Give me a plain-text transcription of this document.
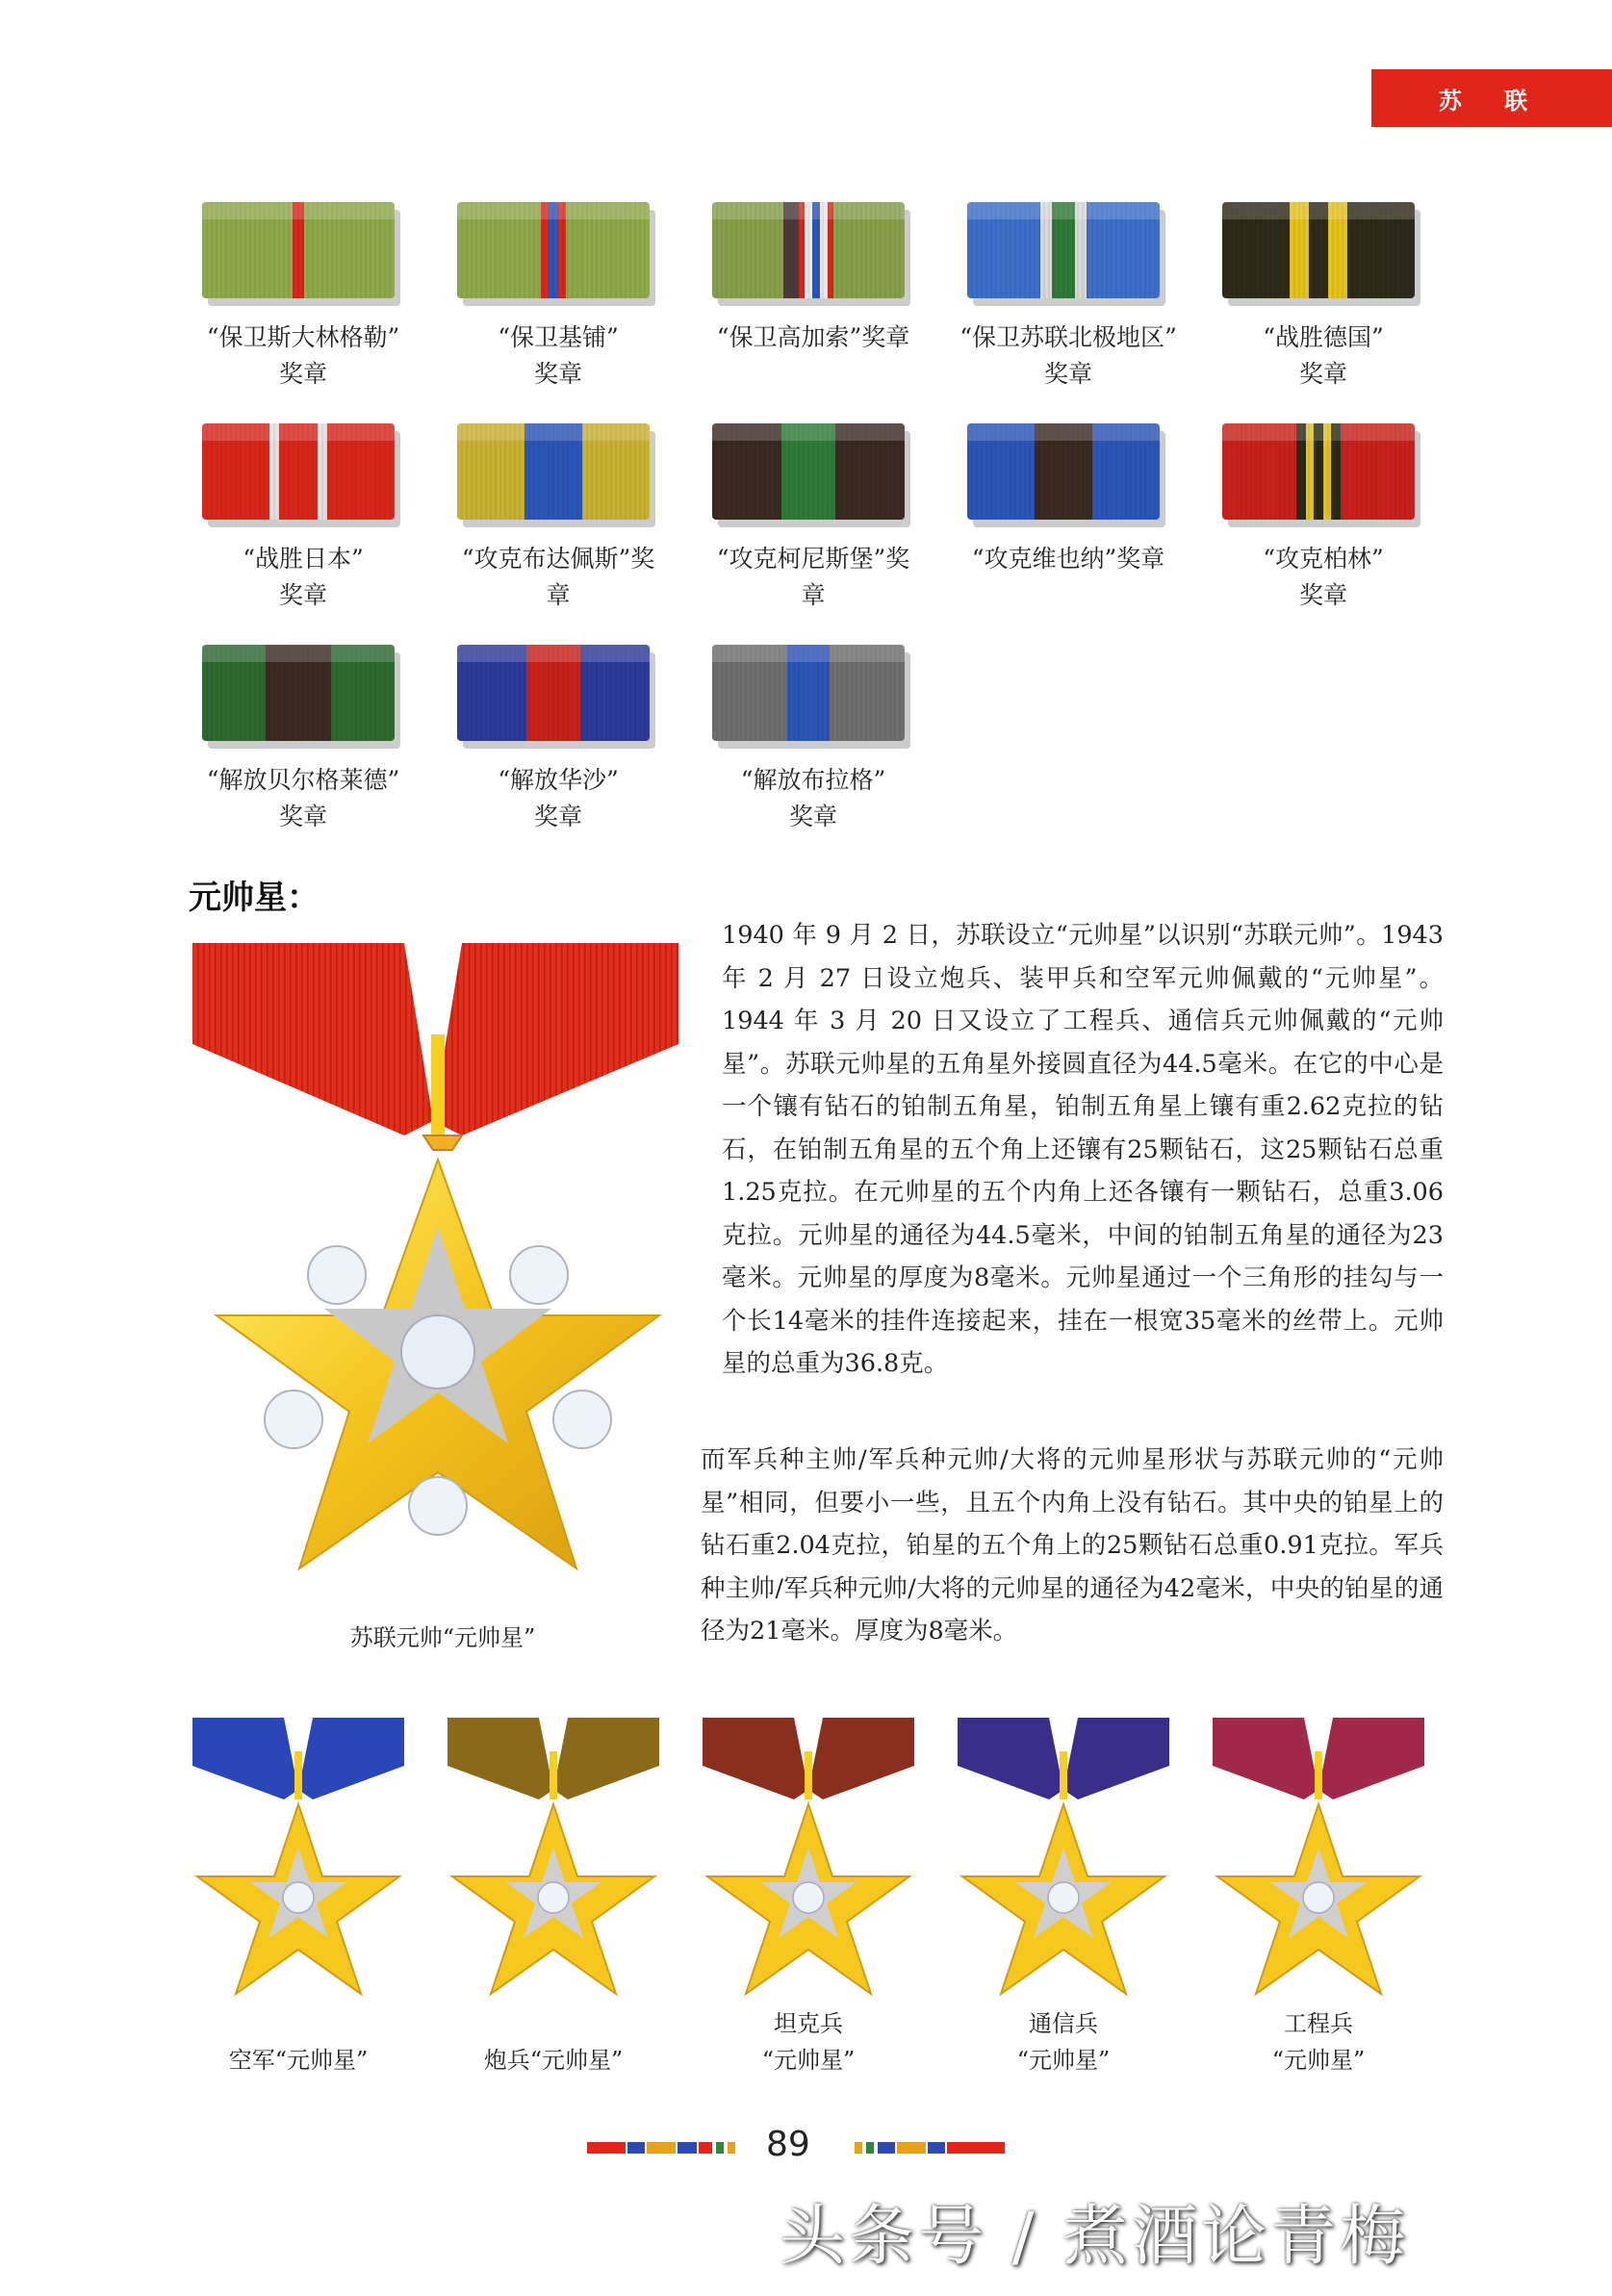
苏 联
“保卫斯大林格勒”
奖章
“保卫基铺”
奖章
“保卫高加索”奖章	“保卫苏联北极地区”
奖章
“战胜德国”
奖章
“战胜日本”
奖章
“攻克布达佩斯”奖
章
“攻克柯尼斯堡”奖
章
“攻克维也纳”奖章	“攻克柏林”
奖章
“解放贝尔格莱德”
奖章
“解放华沙”
奖章
“解放布拉格”
奖章
元帅星：
苏联元帅“元帅星”
1940 年 9 月 2 日，苏联设立“元帅星”以识别“苏联元帅”。1943 年 2 月 27 日设立炮兵、装甲兵和空军元帅佩戴的“元帅星”。1944 年 3 月 20 日又设立了工程兵、通信兵元帅佩戴的“元帅星”。苏联元帅星的五角星外接圆直径为44.5毫米。在它的中心是一个镶有钻石的铂制五角星，铂制五角星上镶有重2.62克拉的钻石，在铂制五角星的五个角上还镶有25颗钻石，这25颗钻石总重1.25克拉。在元帅星的五个内角上还各镶有一颗钻石，总重3.06克拉。元帅星的通径为44.5毫米，中间的铂制五角星的通径为23毫米。元帅星的厚度为8毫米。元帅星通过一个三角形的挂勾与一个长14毫米的挂件连接起来，挂在一根宽35毫米的丝带上。元帅星的总重为36.8克。
而军兵种主帅/军兵种元帅/大将的元帅星形状与苏联元帅的“元帅星”相同，但要小一些，且五个内角上没有钻石。其中央的铂星上的钻石重2.04克拉，铂星的五个角上的25颗钻石总重0.91克拉。军兵种主帅/军兵种元帅/大将的元帅星的通径为42毫米，中央的铂星的通径为21毫米。厚度为8毫米。
空军“元帅星”	炮兵“元帅星”
坦克兵
“元帅星”
通信兵
“元帅星”
工程兵
“元帅星”
89
头条号 / 煮酒论青梅
